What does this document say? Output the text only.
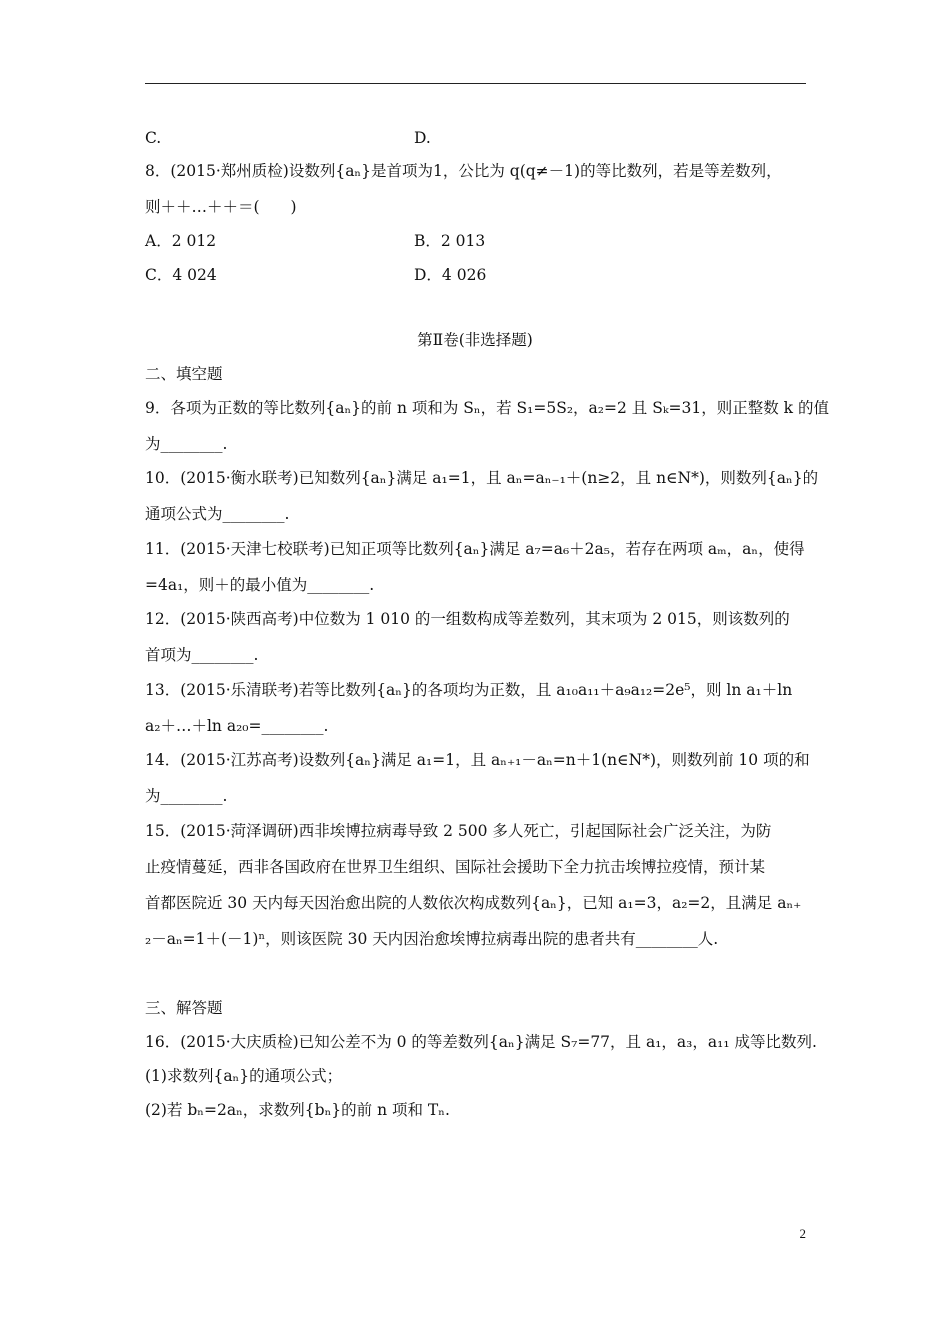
C.	D.
8．(2015·郑州质检)设数列{aₙ}是首项为1，公比为 q(q≠－1)的等比数列，若是等差数列，
则＋＋…＋＋＝(　　)
A．2 012	B．2 013
C．4 024	D．4 026
第Ⅱ卷(非选择题)
二、填空题
9．各项为正数的等比数列{aₙ}的前 n 项和为 Sₙ，若 S₁=5S₂，a₂=2 且 Sₖ=31，则正整数 k 的值
为________.
10．(2015·衡水联考)已知数列{aₙ}满足 a₁=1，且 aₙ=aₙ₋₁＋(n≥2，且 n∈N*)，则数列{aₙ}的
通项公式为________.
11．(2015·天津七校联考)已知正项等比数列{aₙ}满足 a₇=a₆＋2a₅，若存在两项 aₘ，aₙ，使得
=4a₁，则＋的最小值为________.
12．(2015·陕西高考)中位数为 1 010 的一组数构成等差数列，其末项为 2 015，则该数列的
首项为________.
13．(2015·乐清联考)若等比数列{aₙ}的各项均为正数，且 a₁₀a₁₁＋a₉a₁₂=2e⁵，则 ln a₁＋ln
a₂＋…＋ln a₂₀=________.
14．(2015·江苏高考)设数列{aₙ}满足 a₁=1，且 aₙ₊₁－aₙ=n＋1(n∈N*)，则数列前 10 项的和
为________.
15．(2015·菏泽调研)西非埃博拉病毒导致 2 500 多人死亡，引起国际社会广泛关注，为防
止疫情蔓延，西非各国政府在世界卫生组织、国际社会援助下全力抗击埃博拉疫情，预计某
首都医院近 30 天内每天因治愈出院的人数依次构成数列{aₙ}，已知 a₁=3，a₂=2，且满足 aₙ₊
₂－aₙ=1＋(－1)ⁿ，则该医院 30 天内因治愈埃博拉病毒出院的患者共有________人.
三、解答题
16．(2015·大庆质检)已知公差不为 0 的等差数列{aₙ}满足 S₇=77，且 a₁，a₃，a₁₁ 成等比数列.
(1)求数列{aₙ}的通项公式；
(2)若 bₙ=2aₙ，求数列{bₙ}的前 n 项和 Tₙ.
2
